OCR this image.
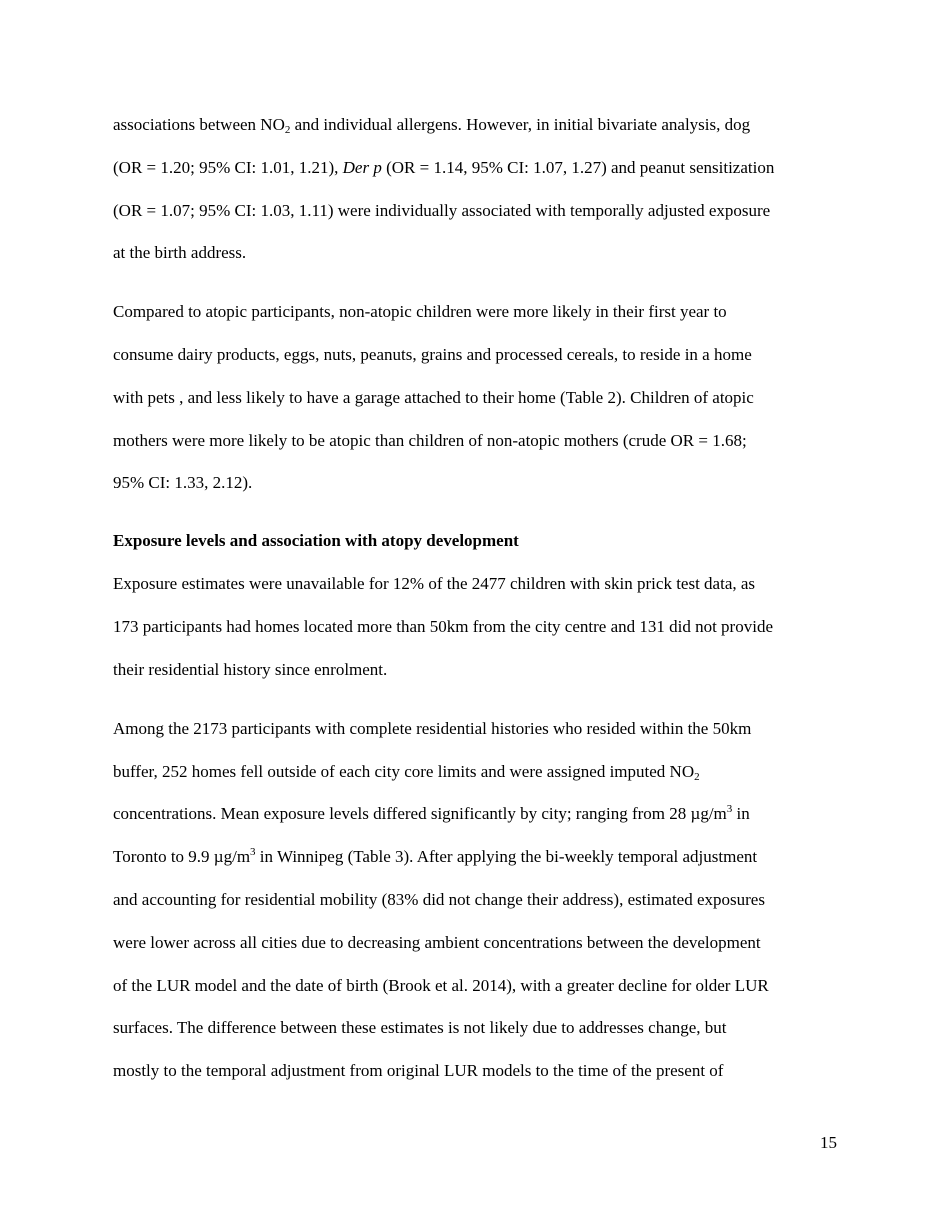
associations between $NO_2$ and individual allergens. However, in initial bivariate analysis, dog
(OR = 1.20; 95% CI: 1.01, 1.21), Der p (OR = 1.14, 95% CI: 1.07, 1.27) and peanut sensitization
(OR = 1.07; 95% CI: 1.03, 1.11) were individually associated with temporally adjusted exposure
at the birth address.
Compared to atopic participants, non-atopic children were more likely in their first year to
consume dairy products, eggs, nuts, peanuts, grains and processed cereals, to reside in a home
with pets , and less likely to have a garage attached to their home (Table 2). Children of atopic
mothers were more likely to be atopic than children of non-atopic mothers (crude OR = 1.68;
95% CI: 1.33, 2.12).
Exposure levels and association with atopy development
Exposure estimates were unavailable for 12% of the 2477 children with skin prick test data, as
173 participants had homes located more than 50km from the city centre and 131 did not provide
their residential history since enrolment.
Among the 2173 participants with complete residential histories who resided within the 50km
buffer, 252 homes fell outside of each city core limits and were assigned imputed $NO_2$
concentrations. Mean exposure levels differed significantly by city; ranging from 28 $\mu g/m^3$ in
Toronto to 9.9 $\mu g/m^3$ in Winnipeg (Table 3). After applying the bi-weekly temporal adjustment
and accounting for residential mobility (83% did not change their address), estimated exposures
were lower across all cities due to decreasing ambient concentrations between the development
of the LUR model and the date of birth (Brook et al. 2014), with a greater decline for older LUR
surfaces. The difference between these estimates is not likely due to addresses change, but
mostly to the temporal adjustment from original LUR models to the time of the present of
15
